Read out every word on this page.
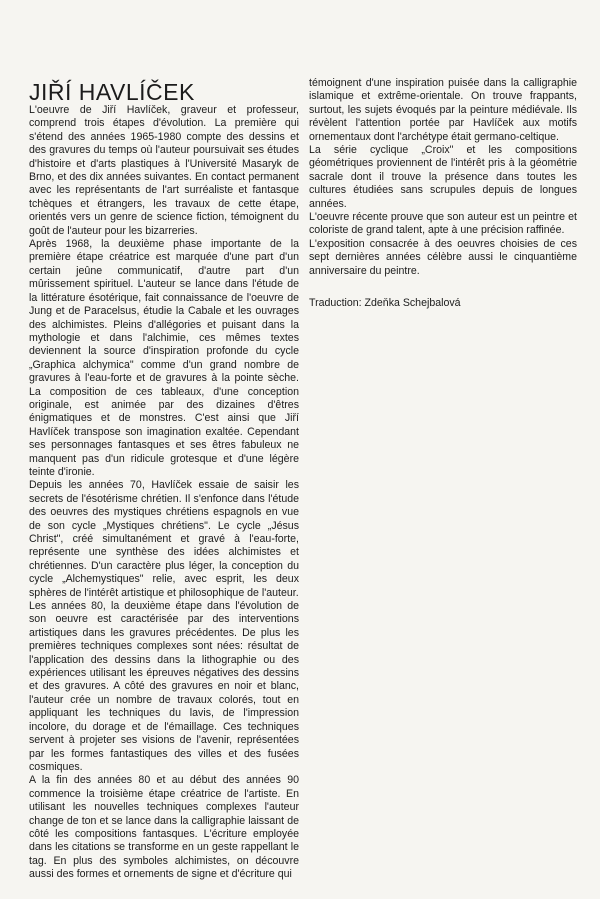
JIŘÍ HAVLÍČEK

L'oeuvre de Jiří Havlíček, graveur et professeur, comprend trois étapes d'évolution. La première qui s'étend des années 1965-1980 compte des dessins et des gravures du temps où l'auteur poursuivait ses études d'histoire et d'arts plastiques à l'Université Masaryk de Brno, et des dix années suivantes. En contact permanent avec les représentants de l'art surréaliste et fantasque tchèques et étrangers, les travaux de cette étape, orientés vers un genre de science fiction, témoignent du goût de l'auteur pour les bizarreries.

Après 1968, la deuxième phase importante de la première étape créatrice est marquée d'une part d'un certain jeûne communicatif, d'autre part d'un mûrissement spirituel. L'auteur se lance dans l'étude de la littérature ésotérique, fait connaissance de l'oeuvre de Jung et de Paracelsus, étudie la Cabale et les ouvrages des alchimistes. Pleins d'allégories et puisant dans la mythologie et dans l'alchimie, ces mêmes textes deviennent la source d'inspiration profonde du cycle „Graphica alchymica" comme d'un grand nombre de gravures à l'eau-forte et de gravures à la pointe sèche. La composition de ces tableaux, d'une conception originale, est animée par des dizaines d'êtres énigmatiques et de monstres. C'est ainsi que Jiří Havlíček transpose son imagination exaltée. Cependant ses personnages fantasques et ses êtres fabuleux ne manquent pas d'un ridicule grotesque et d'une légère teinte d'ironie.

Depuis les années 70, Havlíček essaie de saisir les secrets de l'ésotérisme chrétien. Il s'enfonce dans l'étude des oeuvres des mystiques chrétiens espagnols en vue de son cycle „Mystiques chrétiens". Le cycle „Jésus Christ", créé simultanément et gravé à l'eau-forte, représente une synthèse des idées alchimistes et chrétiennes. D'un caractère plus léger, la conception du cycle „Alchemystiques" relie, avec esprit, les deux sphères de l'intérêt artistique et philosophique de l'auteur.

Les années 80, la deuxième étape dans l'évolution de son oeuvre est caractérisée par des interventions artistiques dans les gravures précédentes. De plus les premières techniques complexes sont nées: résultat de l'application des dessins dans la lithographie ou des expériences utilisant les épreuves négatives des dessins et des gravures. A côté des gravures en noir et blanc, l'auteur crée un nombre de travaux colorés, tout en appliquant les techniques du lavis, de l'impression incolore, du dorage et de l'émaillage. Ces techniques servent à projeter ses visions de l'avenir, représentées par les formes fantastiques des villes et des fusées cosmiques.

A la fin des années 80 et au début des années 90 commence la troisième étape créatrice de l'artiste. En utilisant les nouvelles techniques complexes l'auteur change de ton et se lance dans la calligraphie laissant de côté les compositions fantasques. L'écriture employée dans les citations se transforme en un geste rappellant le tag. En plus des symboles alchimistes, on découvre aussi des formes et ornements de signe et d'écriture qui

témoignent d'une inspiration puisée dans la calligraphie islamique et extrême-orientale. On trouve frappants, surtout, les sujets évoqués par la peinture médiévale. Ils révèlent l'attention portée par Havlíček aux motifs ornementaux dont l'archétype était germano-celtique.

La série cyclique „Croix" et les compositions géométriques proviennent de l'intérêt pris à la géométrie sacrale dont il trouve la présence dans toutes les cultures étudiées sans scrupules depuis de longues années.

L'oeuvre récente prouve que son auteur est un peintre et coloriste de grand talent, apte à une précision raffinée.

L'exposition consacrée à des oeuvres choisies de ces sept dernières années célèbre aussi le cinquantième anniversaire du peintre.

Traduction: Zdeňka Schejbalová
